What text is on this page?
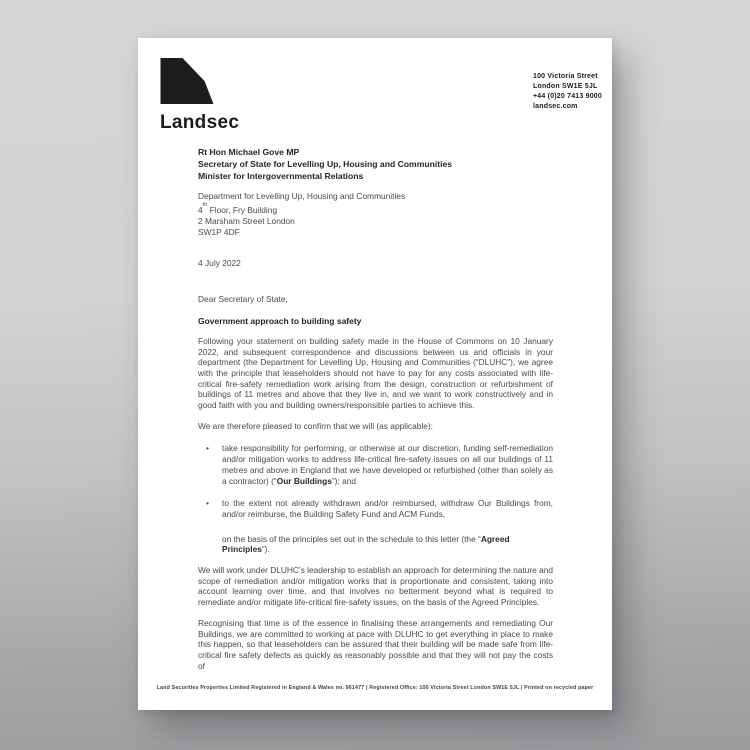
Landsec
100 Victoria Street
London SW1E 5JL
+44 (0)20 7413 9000
landsec.com
Rt Hon Michael Gove MP
Secretary of State for Levelling Up, Housing and Communities
Minister for Intergovernmental Relations
Department for Levelling Up, Housing and Communities
4th Floor, Fry Building
2 Marsham Street London
SW1P 4DF
4 July 2022
Dear Secretary of State,
Government approach to building safety

Following your statement on building safety made in the House of Commons on 10 January 2022, and subsequent correspondence and discussions between us and officials in your department (the Department for Levelling Up, Housing and Communities (“DLUHC”), we agree with the principle that leaseholders should not have to pay for any costs associated with life-critical fire-safety remediation work arising from the design, construction or refurbishment of buildings of 11 metres and above that they live in, and we want to work constructively and in good faith with you and building owners/responsible parties to achieve this.

We are therefore pleased to confirm that we will (as applicable):

• take responsibility for performing, or otherwise at our discretion, funding self-remediation and/or mitigation works to address life-critical fire-safety issues on all our buildings of 11 metres and above in England that we have developed or refurbished (other than solely as a contractor) (“Our Buildings”); and
• to the extent not already withdrawn and/or reimbursed, withdraw Our Buildings from, and/or reimburse, the Building Safety Fund and ACM Funds,
on the basis of the principles set out in the schedule to this letter (the “Agreed Principles”).

We will work under DLUHC’s leadership to establish an approach for determining the nature and scope of remediation and/or mitigation works that is proportionate and consistent, taking into account learning over time, and that involves no betterment beyond what is required to remediate and/or mitigate life-critical fire-safety issues, on the basis of the Agreed Principles.

Recognising that time is of the essence in finalising these arrangements and remediating Our Buildings, we are committed to working at pace with DLUHC to get everything in place to make this happen, so that leaseholders can be assured that their building will be made safe from life-critical fire safety defects as quickly as reasonably possible and that they will not pay the costs of

Land Securities Properties Limited Registered in England & Wales no. 961477 | Registered Office: 100 Victoria Street London SW1E 5JL | Printed on recycled paper
